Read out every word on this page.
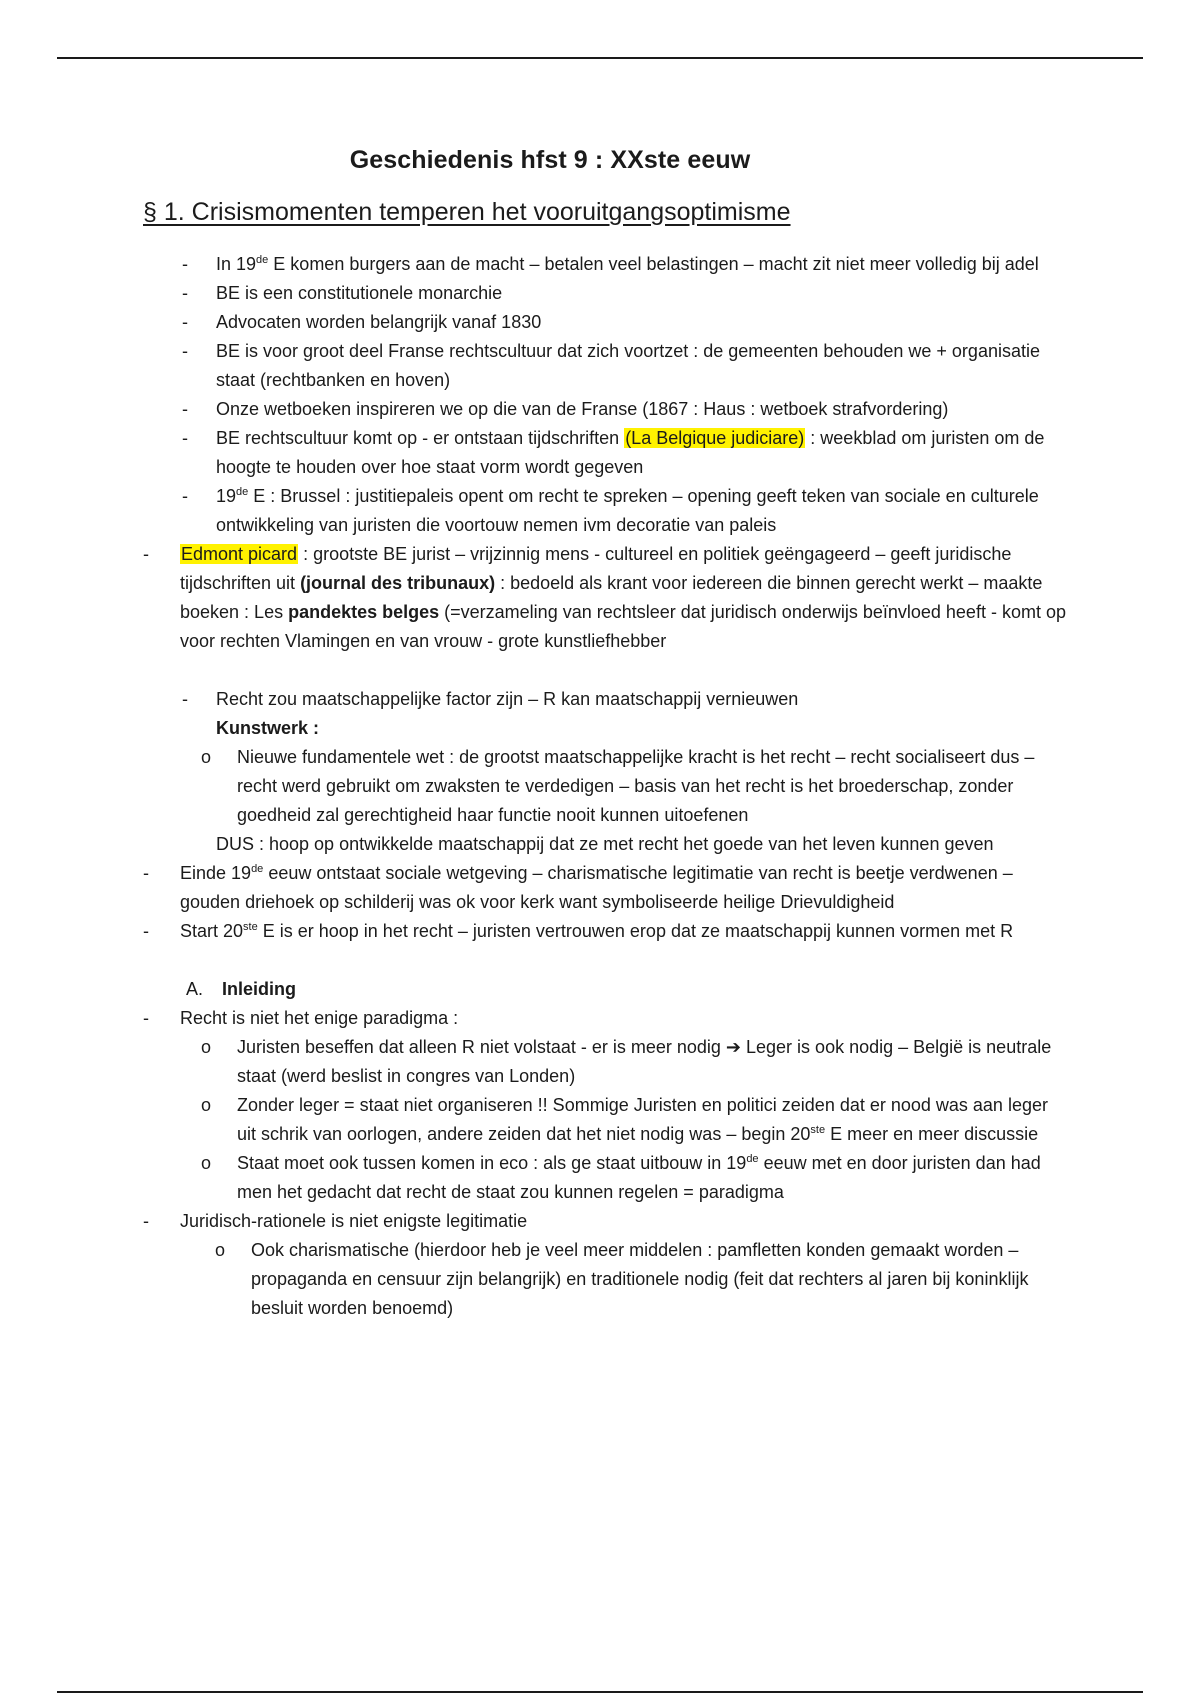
Geschiedenis hfst 9 : XXste eeuw
§ 1. Crisismomenten temperen het vooruitgangsoptimisme
- In 19de E komen burgers aan de macht – betalen veel belastingen – macht zit niet meer volledig bij adel
- BE is een constitutionele monarchie
- Advocaten worden belangrijk vanaf 1830
- BE is voor groot deel Franse rechtscultuur dat zich voortzet : de gemeenten behouden we + organisatie staat (rechtbanken en hoven)
- Onze wetboeken inspireren we op die van de Franse (1867 : Haus : wetboek strafvordering)
- BE rechtscultuur komt op - er ontstaan tijdschriften (La Belgique judiciare) : weekblad om juristen om de hoogte te houden over hoe staat vorm wordt gegeven
- 19de E : Brussel : justitiepaleis opent om recht te spreken – opening geeft teken van sociale en culturele ontwikkeling van juristen die voortouw nemen ivm decoratie van paleis
- Edmont picard : grootste BE jurist – vrijzinnig mens - cultureel en politiek geëngageerd – geeft juridische tijdschriften uit (journal des tribunaux) : bedoeld als krant voor iedereen die binnen gerecht werkt – maakte boeken : Les pandektes belges (=verzameling van rechtsleer dat juridisch onderwijs beïnvloed heeft - komt op voor rechten Vlamingen en van vrouw - grote kunstliefhebber
- Recht zou maatschappelijke factor zijn – R kan maatschappij vernieuwen
Kunstwerk :
o Nieuwe fundamentele wet : de grootst maatschappelijke kracht is het recht – recht socialiseert dus – recht werd gebruikt om zwaksten te verdedigen – basis van het recht is het broederschap, zonder goedheid zal gerechtigheid haar functie nooit kunnen uitoefenen
DUS : hoop op ontwikkelde maatschappij dat ze met recht het goede van het leven kunnen geven
- Einde 19de eeuw ontstaat sociale wetgeving – charismatische legitimatie van recht is beetje verdwenen – gouden driehoek op schilderij was ok voor kerk want symboliseerde heilige Drievuldigheid
- Start 20ste E is er hoop in het recht – juristen vertrouwen erop dat ze maatschappij kunnen vormen met R
A. Inleiding
- Recht is niet het enige paradigma :
o Juristen beseffen dat alleen R niet volstaat - er is meer nodig ➔ Leger is ook nodig – België is neutrale staat (werd beslist in congres van Londen)
o Zonder leger = staat niet organiseren !! Sommige Juristen en politici zeiden dat er nood was aan leger uit schrik van oorlogen, andere zeiden dat het niet nodig was – begin 20ste E meer en meer discussie
o Staat moet ook tussen komen in eco : als ge staat uitbouw in 19de eeuw met en door juristen dan had men het gedacht dat recht de staat zou kunnen regelen = paradigma
- Juridisch-rationele is niet enigste legitimatie
o Ook charismatische (hierdoor heb je veel meer middelen : pamfletten konden gemaakt worden – propaganda en censuur zijn belangrijk) en traditionele nodig (feit dat rechters al jaren bij koninklijk besluit worden benoemd)
